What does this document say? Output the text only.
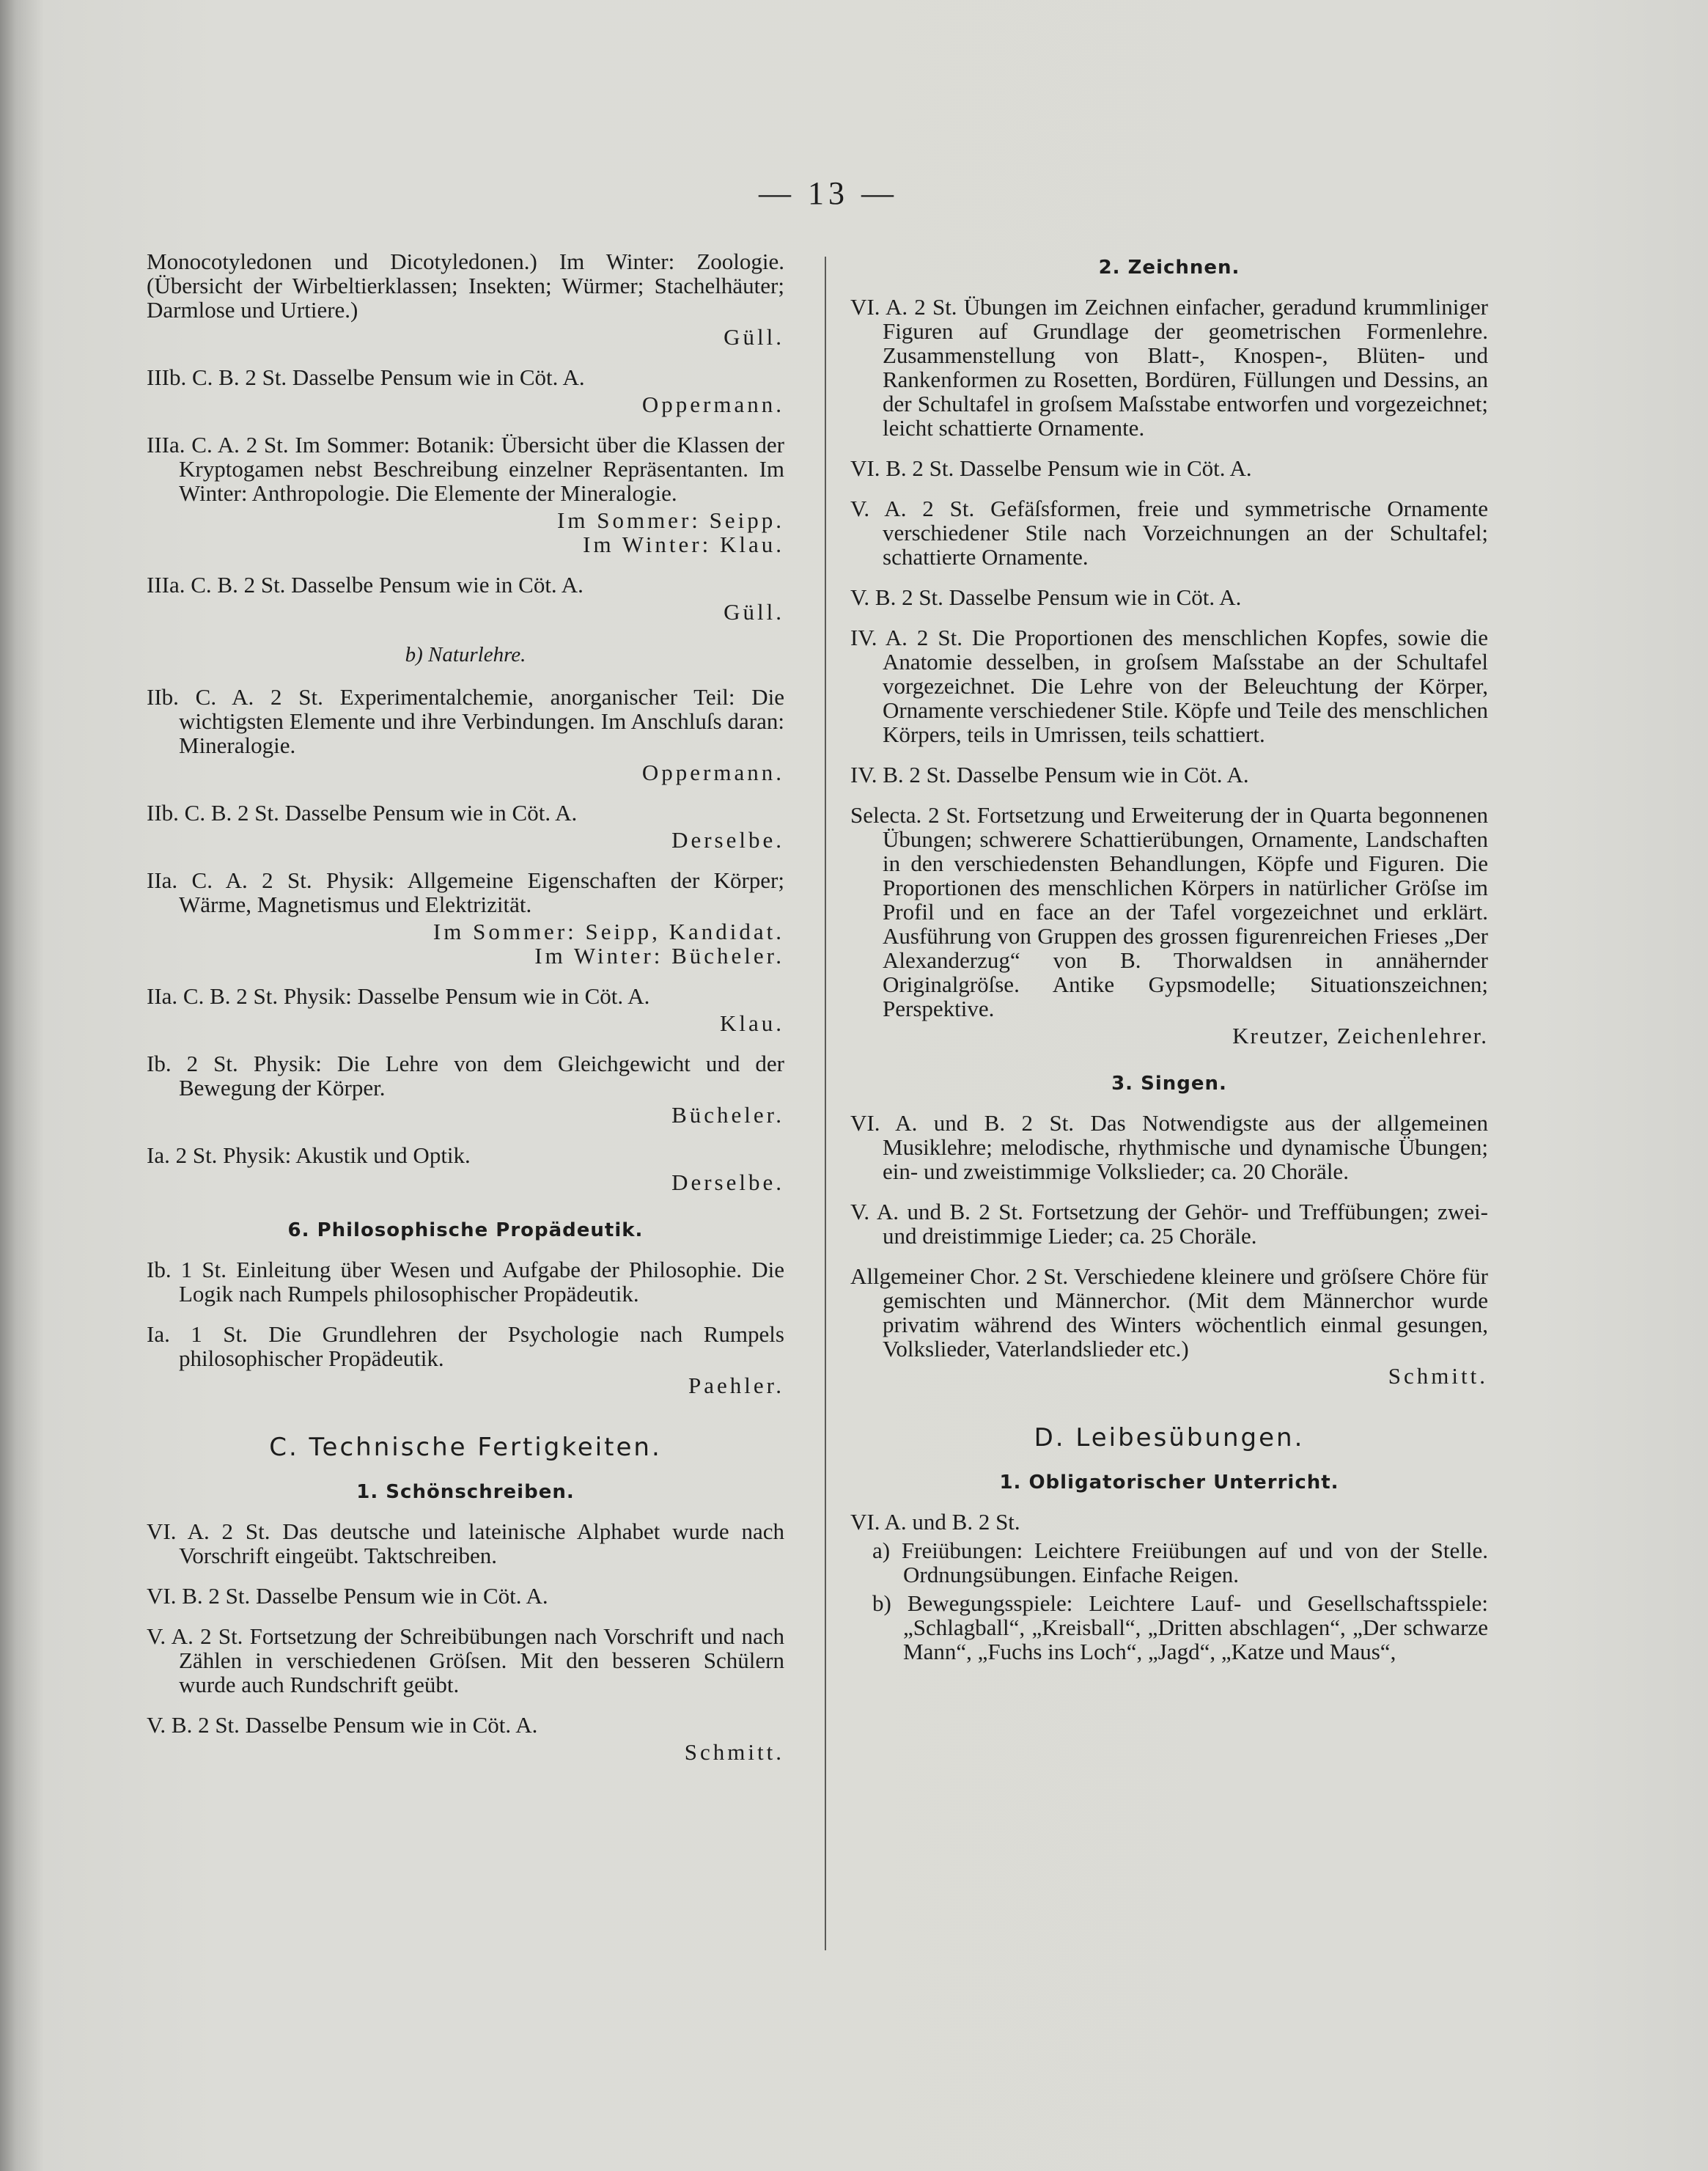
— 13 —

Monocotyledonen und Dicotyledonen.) Im Winter: Zoologie. (Übersicht der Wirbeltierklassen; Insekten; Würmer; Stachelhäuter; Darmlose und Urtiere.)

Güll.

IIIb. C. B. 2 St. Dasselbe Pensum wie in Cöt. A.

Oppermann.

IIIa. C. A. 2 St. Im Sommer: Botanik: Übersicht über die Klassen der Kryptogamen nebst Beschreibung einzelner Repräsentanten. Im Winter: Anthropologie. Die Elemente der Mineralogie.

Im Sommer: Seipp.
Im Winter: Klau.

IIIa. C. B. 2 St. Dasselbe Pensum wie in Cöt. A.

Güll.
b) Naturlehre.

IIb. C. A. 2 St. Experimentalchemie, anorganischer Teil: Die wichtigsten Elemente und ihre Verbindungen. Im Anschluſs daran: Mineralogie.

Oppermann.

IIb. C. B. 2 St. Dasselbe Pensum wie in Cöt. A.

Derselbe.

IIa. C. A. 2 St. Physik: Allgemeine Eigenschaften der Körper; Wärme, Magnetismus und Elektrizität.

Im Sommer: Seipp, Kandidat.
Im Winter: Bücheler.

IIa. C. B. 2 St. Physik: Dasselbe Pensum wie in Cöt. A.

Klau.

Ib. 2 St. Physik: Die Lehre von dem Gleichgewicht und der Bewegung der Körper.

Bücheler.

Ia. 2 St. Physik: Akustik und Optik.

Derselbe.
6. Philosophische Propädeutik.

Ib. 1 St. Einleitung über Wesen und Aufgabe der Philosophie. Die Logik nach Rumpels philosophischer Propädeutik.

Ia. 1 St. Die Grundlehren der Psychologie nach Rumpels philosophischer Propädeutik.

Paehler.
C. Technische Fertigkeiten.
1. Schönschreiben.

VI. A. 2 St. Das deutsche und lateinische Alphabet wurde nach Vorschrift eingeübt. Taktschreiben.

VI. B. 2 St. Dasselbe Pensum wie in Cöt. A.

V. A. 2 St. Fortsetzung der Schreibübungen nach Vorschrift und nach Zählen in verschiedenen Gröſsen. Mit den besseren Schülern wurde auch Rundschrift geübt.

V. B. 2 St. Dasselbe Pensum wie in Cöt. A.

Schmitt.
2. Zeichnen.

VI. A. 2 St. Übungen im Zeichnen einfacher, geradund krummliniger Figuren auf Grundlage der geometrischen Formenlehre. Zusammenstellung von Blatt-, Knospen-, Blüten- und Rankenformen zu Rosetten, Bordüren, Füllungen und Dessins, an der Schultafel in groſsem Maſsstabe entworfen und vorgezeichnet; leicht schattierte Ornamente.

VI. B. 2 St. Dasselbe Pensum wie in Cöt. A.

V. A. 2 St. Gefäſsformen, freie und symmetrische Ornamente verschiedener Stile nach Vorzeichnungen an der Schultafel; schattierte Ornamente.

V. B. 2 St. Dasselbe Pensum wie in Cöt. A.

IV. A. 2 St. Die Proportionen des menschlichen Kopfes, sowie die Anatomie desselben, in groſsem Maſsstabe an der Schultafel vorgezeichnet. Die Lehre von der Beleuchtung der Körper, Ornamente verschiedener Stile. Köpfe und Teile des menschlichen Körpers, teils in Umrissen, teils schattiert.

IV. B. 2 St. Dasselbe Pensum wie in Cöt. A.

Selecta. 2 St. Fortsetzung und Erweiterung der in Quarta begonnenen Übungen; schwerere Schattierübungen, Ornamente, Landschaften in den verschiedensten Behandlungen, Köpfe und Figuren. Die Proportionen des menschlichen Körpers in natürlicher Gröſse im Profil und en face an der Tafel vorgezeichnet und erklärt. Ausführung von Gruppen des grossen figurenreichen Frieses „Der Alexanderzug“ von B. Thorwaldsen in annähernder Originalgröſse. Antike Gypsmodelle; Situationszeichnen; Perspektive.

Kreutzer, Zeichenlehrer.
3. Singen.

VI. A. und B. 2 St. Das Notwendigste aus der allgemeinen Musiklehre; melodische, rhythmische und dynamische Übungen; ein- und zweistimmige Volkslieder; ca. 20 Choräle.

V. A. und B. 2 St. Fortsetzung der Gehör- und Treffübungen; zwei- und dreistimmige Lieder; ca. 25 Choräle.

Allgemeiner Chor. 2 St. Verschiedene kleinere und gröſsere Chöre für gemischten und Männerchor. (Mit dem Männerchor wurde privatim während des Winters wöchentlich einmal gesungen, Volkslieder, Vaterlandslieder etc.)

Schmitt.
D. Leibesübungen.
1. Obligatorischer Unterricht.

VI. A. und B. 2 St.

a) Freiübungen: Leichtere Freiübungen auf und von der Stelle. Ordnungsübungen. Einfache Reigen.

b) Bewegungsspiele: Leichtere Lauf- und Gesellschaftsspiele: „Schlagball“, „Kreisball“, „Dritten abschlagen“, „Der schwarze Mann“, „Fuchs ins Loch“, „Jagd“, „Katze und Maus“,
